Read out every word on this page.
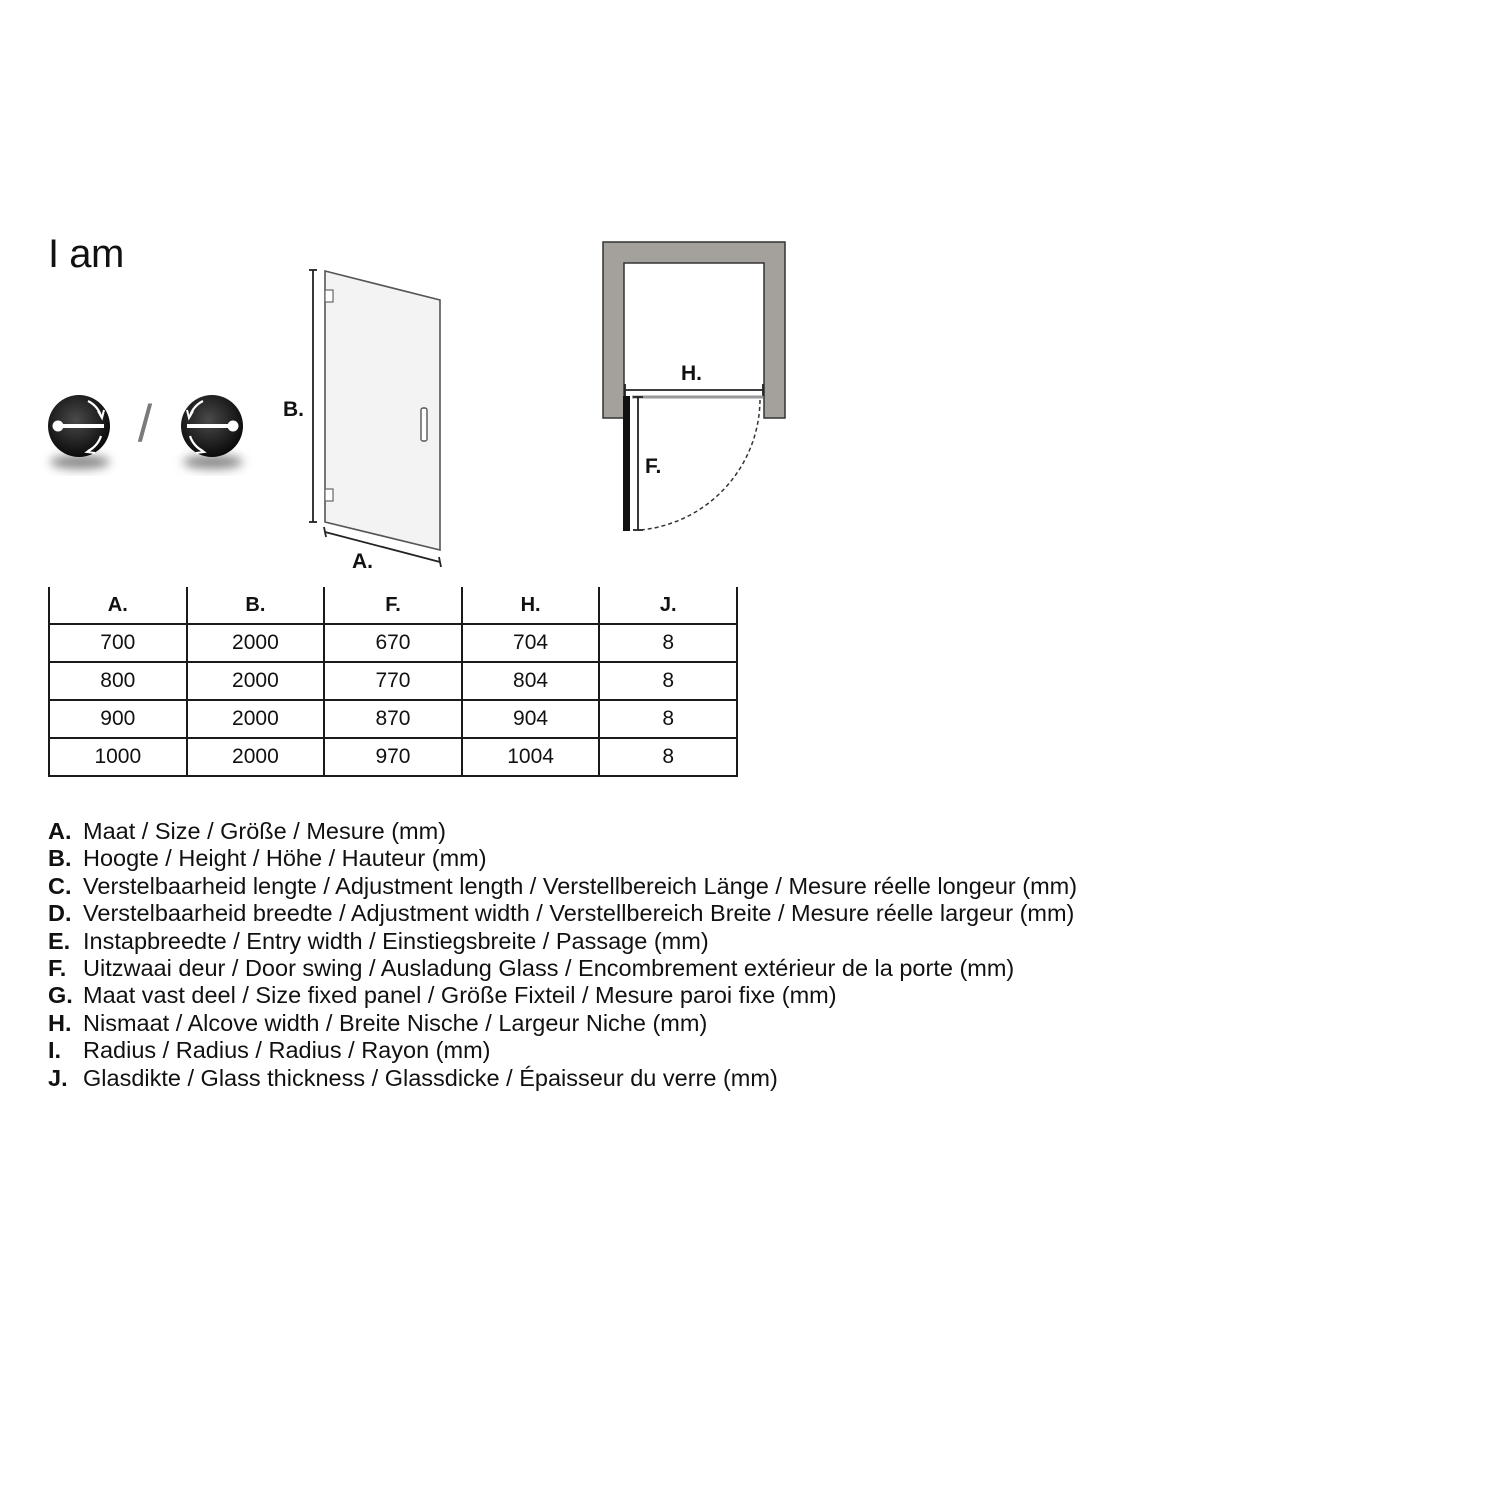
I am
/	B.
A.
H.
F.
A.	B.	F.	H.	J.
700	2000	670	704	8
800	2000	770	804	8
900	2000	870	904	8
1000	2000	970	1004	8
A. Maat / Size / Größe / Mesure (mm)
B. Hoogte / Height / Höhe / Hauteur (mm)
C. Verstelbaarheid lengte / Adjustment length / Verstellbereich Länge / Mesure réelle longeur (mm)
D. Verstelbaarheid breedte / Adjustment width / Verstellbereich Breite / Mesure réelle largeur (mm)
E. Instapbreedte / Entry width / Einstiegsbreite / Passage (mm)
F. Uitzwaai deur / Door swing / Ausladung Glass / Encombrement extérieur de la porte (mm)
G. Maat vast deel / Size fixed panel / Größe Fixteil / Mesure paroi fixe (mm)
H. Nismaat / Alcove width / Breite Nische / Largeur Niche (mm)
I. Radius / Radius / Radius / Rayon (mm)
J. Glasdikte / Glass thickness / Glassdicke / Épaisseur du verre (mm)
